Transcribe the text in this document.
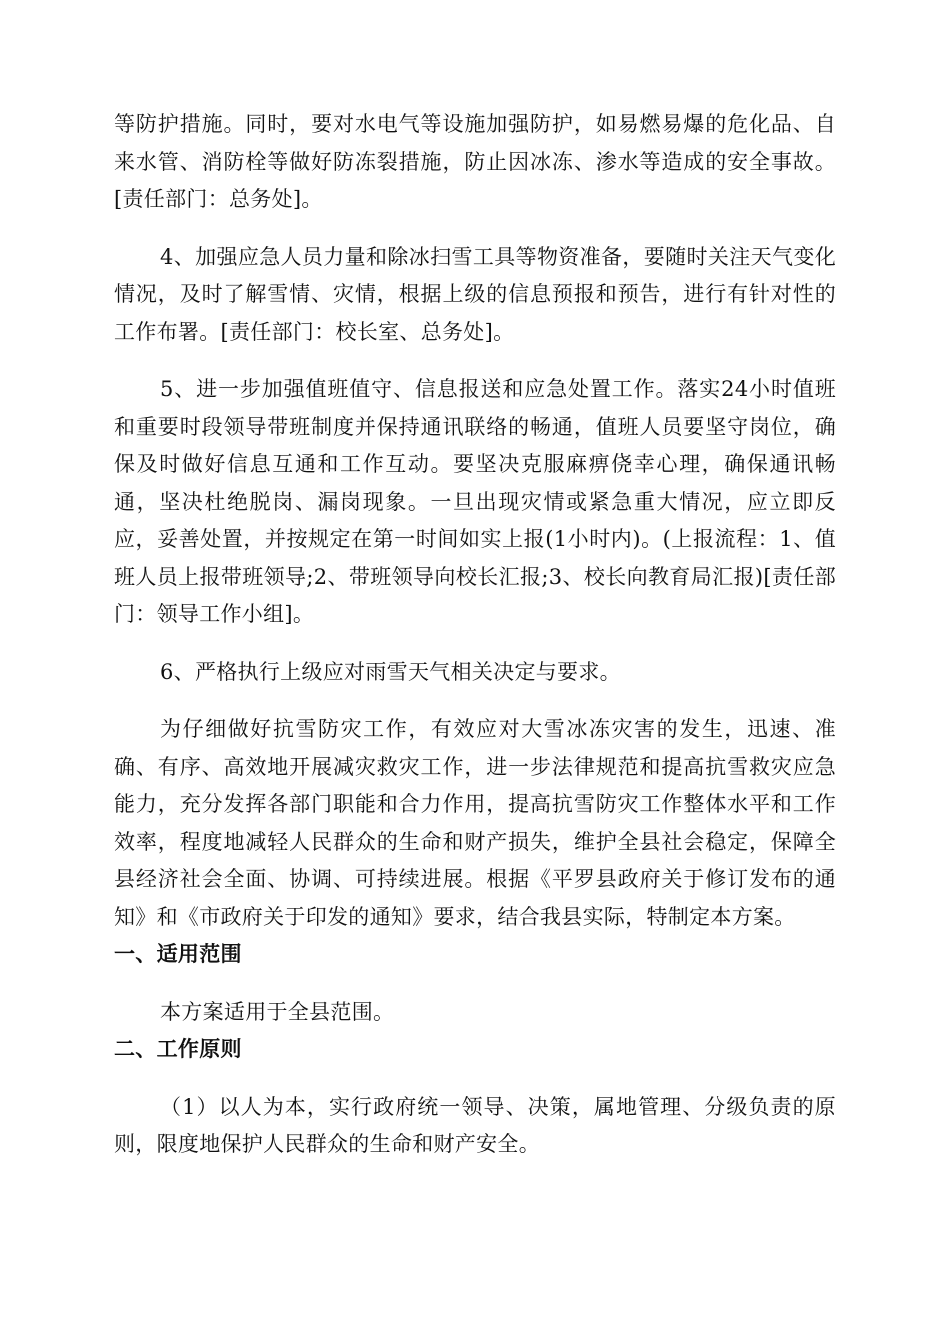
等防护措施。同时，要对水电气等设施加强防护，如易燃易爆的危化品、自来水管、消防栓等做好防冻裂措施，防止因冰冻、渗水等造成的安全事故。[责任部门：总务处]。

4、加强应急人员力量和除冰扫雪工具等物资准备，要随时关注天气变化情况，及时了解雪情、灾情，根据上级的信息预报和预告，进行有针对性的工作布署。[责任部门：校长室、总务处]。

5、进一步加强值班值守、信息报送和应急处置工作。落实24小时值班和重要时段领导带班制度并保持通讯联络的畅通，值班人员要坚守岗位，确保及时做好信息互通和工作互动。要坚决克服麻痹侥幸心理，确保通讯畅通，坚决杜绝脱岗、漏岗现象。一旦出现灾情或紧急重大情况，应立即反应，妥善处置，并按规定在第一时间如实上报(1小时内)。(上报流程：1、值班人员上报带班领导;2、带班领导向校长汇报;3、校长向教育局汇报)[责任部门：领导工作小组]。

6、严格执行上级应对雨雪天气相关决定与要求。

为仔细做好抗雪防灾工作，有效应对大雪冰冻灾害的发生，迅速、准确、有序、高效地开展减灾救灾工作，进一步法律规范和提高抗雪救灾应急能力，充分发挥各部门职能和合力作用，提高抗雪防灾工作整体水平和工作效率，程度地减轻人民群众的生命和财产损失，维护全县社会稳定，保障全县经济社会全面、协调、可持续进展。根据《平罗县政府关于修订发布的通知》和《市政府关于印发的通知》要求，结合我县实际，特制定本方案。

一、适用范围

本方案适用于全县范围。

二、工作原则

（1）以人为本，实行政府统一领导、决策，属地管理、分级负责的原则，限度地保护人民群众的生命和财产安全。
